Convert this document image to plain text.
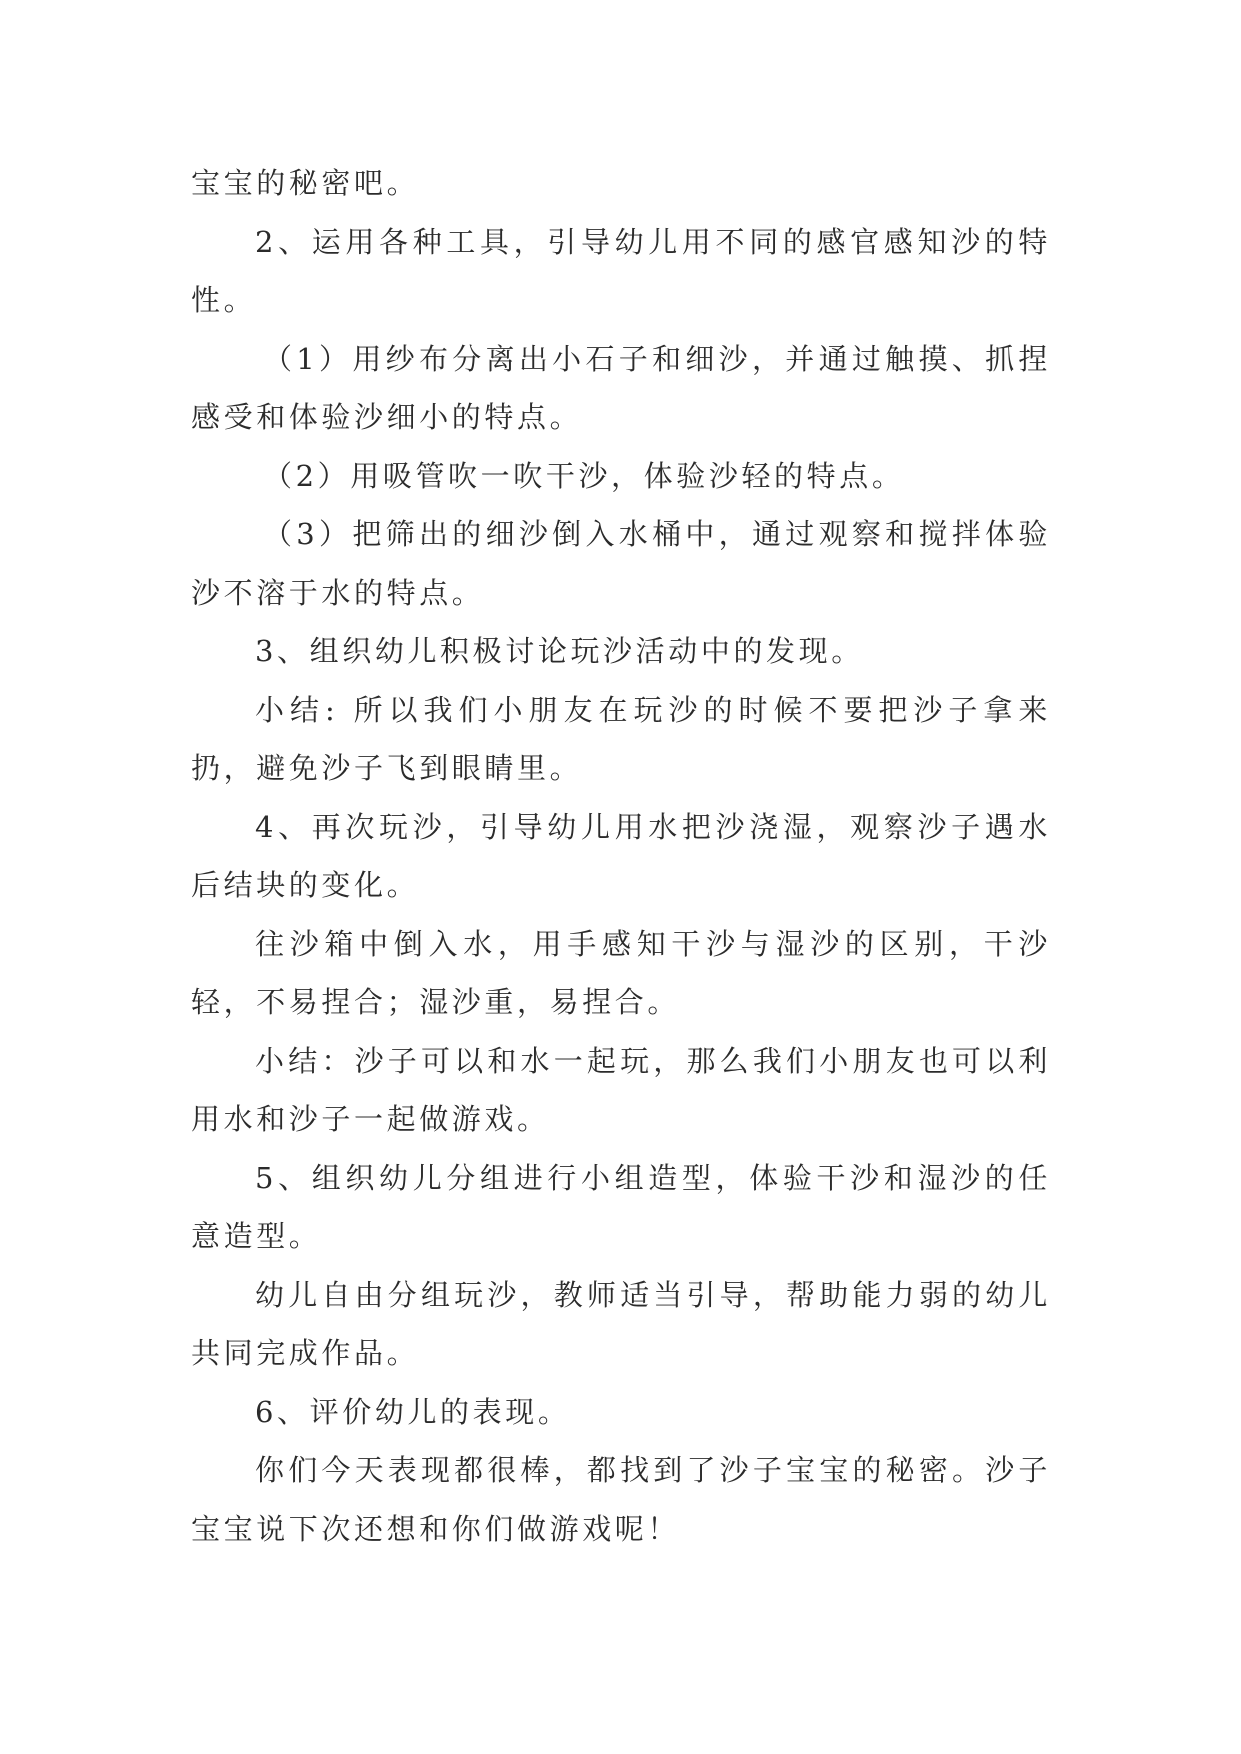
宝宝的秘密吧。

2、运用各种工具，引导幼儿用不同的感官感知沙的特性。

（1）用纱布分离出小石子和细沙，并通过触摸、抓捏感受和体验沙细小的特点。

（2）用吸管吹一吹干沙，体验沙轻的特点。

（3）把筛出的细沙倒入水桶中，通过观察和搅拌体验沙不溶于水的特点。

3、组织幼儿积极讨论玩沙活动中的发现。

小结: 所以我们小朋友在玩沙的时候不要把沙子拿来扔，避免沙子飞到眼睛里。

4、再次玩沙，引导幼儿用水把沙浇湿，观察沙子遇水后结块的变化。

往沙箱中倒入水，用手感知干沙与湿沙的区别，干沙轻，不易捏合；湿沙重，易捏合。

小结：沙子可以和水一起玩，那么我们小朋友也可以利用水和沙子一起做游戏。

5、组织幼儿分组进行小组造型，体验干沙和湿沙的任意造型。

幼儿自由分组玩沙，教师适当引导，帮助能力弱的幼儿共同完成作品。

6、评价幼儿的表现。

你们今天表现都很棒，都找到了沙子宝宝的秘密。沙子宝宝说下次还想和你们做游戏呢！
